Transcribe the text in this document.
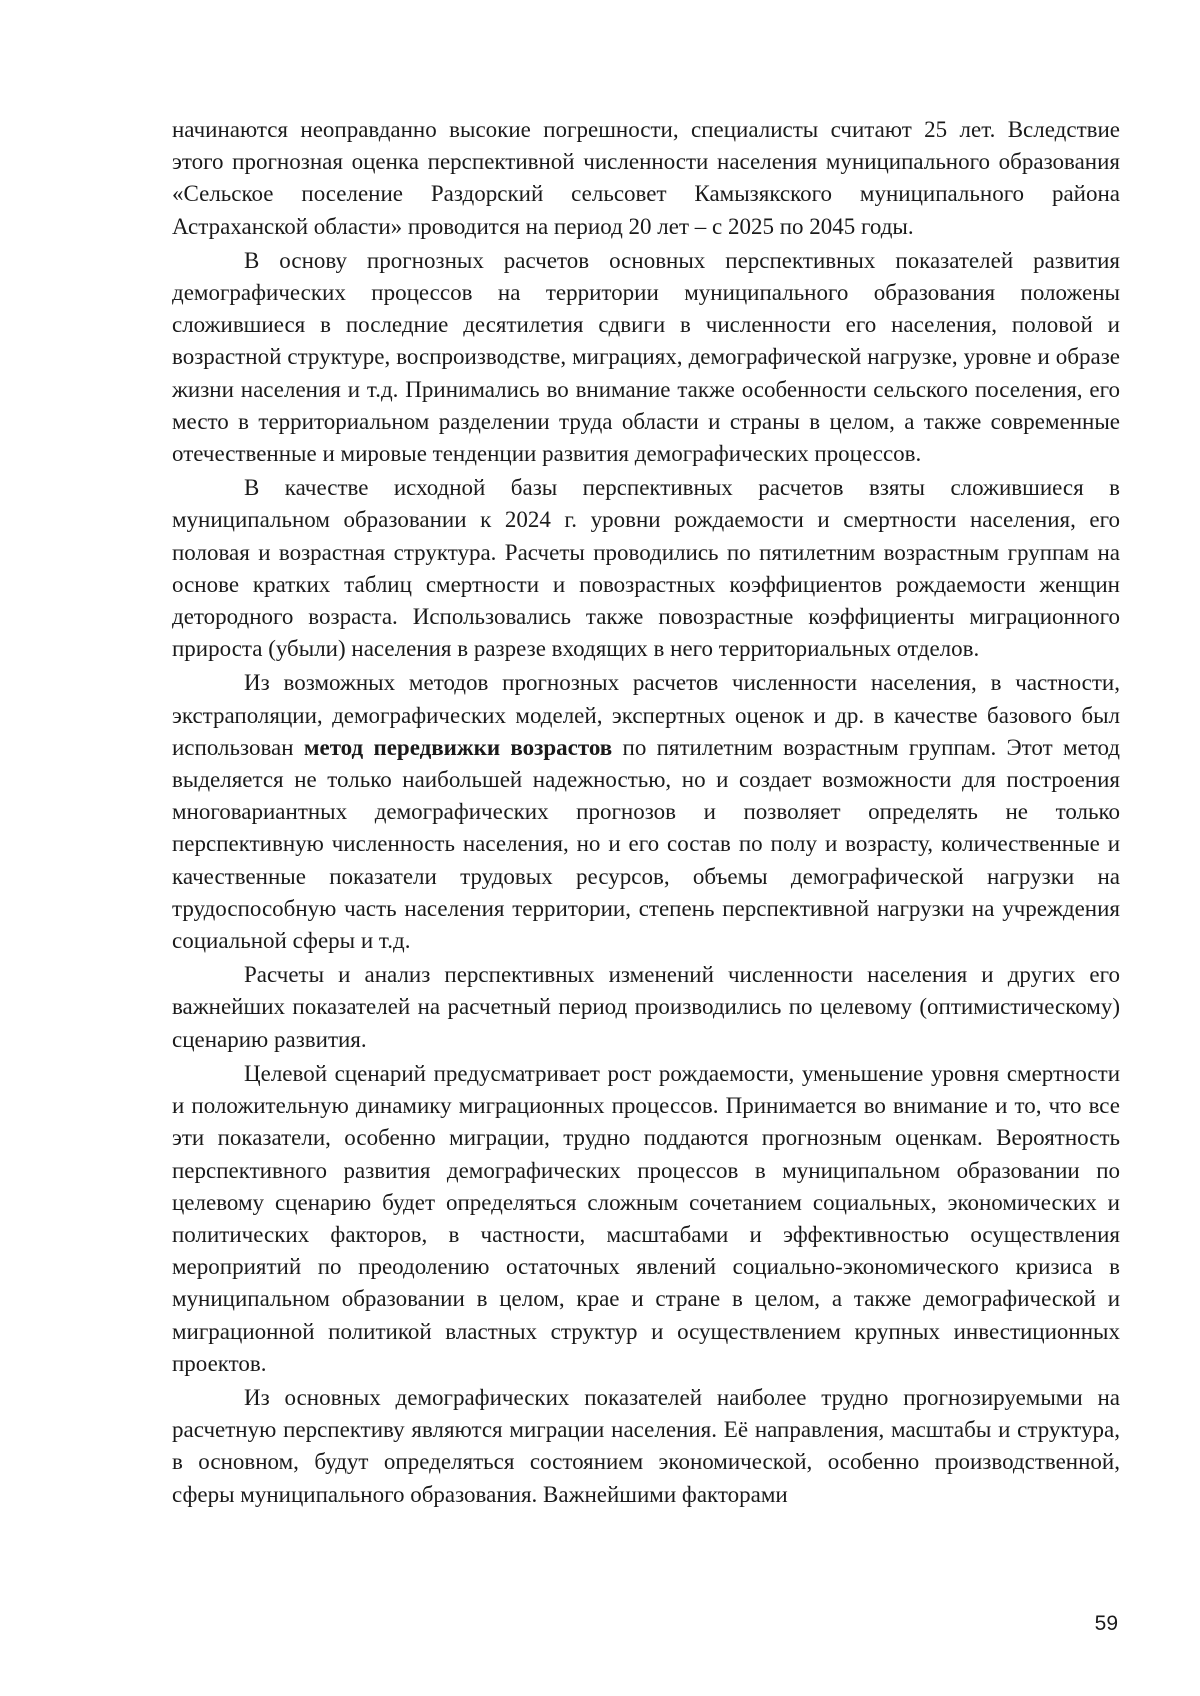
начинаются неоправданно высокие погрешности, специалисты считают 25 лет. Вследствие этого прогнозная оценка перспективной численности населения муниципального образования «Сельское поселение Раздорский сельсовет Камызякского муниципального района Астраханской области» проводится на период 20 лет – с 2025 по 2045 годы.

В основу прогнозных расчетов основных перспективных показателей развития демографических процессов на территории муниципального образования положены сложившиеся в последние десятилетия сдвиги в численности его населения, половой и возрастной структуре, воспроизводстве, миграциях, демографической нагрузке, уровне и образе жизни населения и т.д. Принимались во внимание также особенности сельского поселения, его место в территориальном разделении труда области и страны в целом, а также современные отечественные и мировые тенденции развития демографических процессов.

В качестве исходной базы перспективных расчетов взяты сложившиеся в муниципальном образовании к 2024 г. уровни рождаемости и смертности населения, его половая и возрастная структура. Расчеты проводились по пятилетним возрастным группам на основе кратких таблиц смертности и повозрастных коэффициентов рождаемости женщин детородного возраста. Использовались также повозрастные коэффициенты миграционного прироста (убыли) населения в разрезе входящих в него территориальных отделов.

Из возможных методов прогнозных расчетов численности населения, в частности, экстраполяции, демографических моделей, экспертных оценок и др. в качестве базового был использован метод передвижки возрастов по пятилетним возрастным группам. Этот метод выделяется не только наибольшей надежностью, но и создает возможности для построения многовариантных демографических прогнозов и позволяет определять не только перспективную численность населения, но и его состав по полу и возрасту, количественные и качественные показатели трудовых ресурсов, объемы демографической нагрузки на трудоспособную часть населения территории, степень перспективной нагрузки на учреждения социальной сферы и т.д.

Расчеты и анализ перспективных изменений численности населения и других его важнейших показателей на расчетный период производились по целевому (оптимистическому) сценарию развития.

Целевой сценарий предусматривает рост рождаемости, уменьшение уровня смертности и положительную динамику миграционных процессов. Принимается во внимание и то, что все эти показатели, особенно миграции, трудно поддаются прогнозным оценкам. Вероятность перспективного развития демографических процессов в муниципальном образовании по целевому сценарию будет определяться сложным сочетанием социальных, экономических и политических факторов, в частности, масштабами и эффективностью осуществления мероприятий по преодолению остаточных явлений социально-экономического кризиса в муниципальном образовании в целом, крае и стране в целом, а также демографической и миграционной политикой властных структур и осуществлением крупных инвестиционных проектов.

Из основных демографических показателей наиболее трудно прогнозируемыми на расчетную перспективу являются миграции населения. Её направления, масштабы и структура, в основном, будут определяться состоянием экономической, особенно производственной, сферы муниципального образования. Важнейшими факторами

59
